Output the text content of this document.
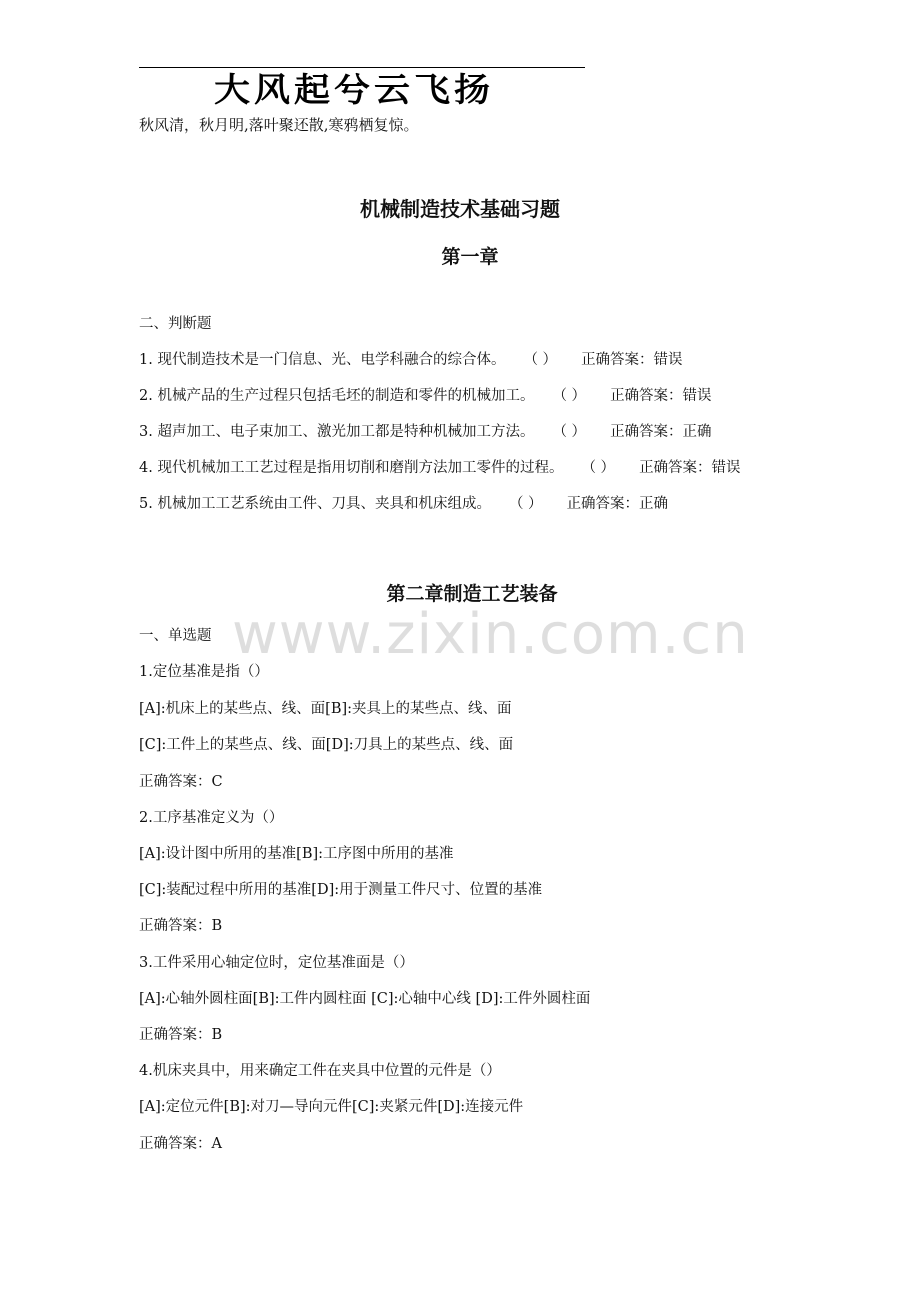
大风起兮云飞扬
秋风清，秋月明,落叶聚还散,寒鸦栖复惊。
机械制造技术基础习题
第一章
二、判断题
1. 现代制造技术是一门信息、光、电学科融合的综合体。 （ ） 正确答案：错误
2. 机械产品的生产过程只包括毛坯的制造和零件的机械加工。 （ ） 正确答案：错误
3. 超声加工、电子束加工、激光加工都是特种机械加工方法。 （ ） 正确答案：正确
4. 现代机械加工工艺过程是指用切削和磨削方法加工零件的过程。 （ ） 正确答案：错误
5. 机械加工工艺系统由工件、刀具、夹具和机床组成。 （ ） 正确答案：正确
第二章制造工艺装备
www.zixin.com.cn
一、单选题
1.定位基准是指（）
[A]:机床上的某些点、线、面[B]:夹具上的某些点、线、面
[C]:工件上的某些点、线、面[D]:刀具上的某些点、线、面
正确答案：C
2.工序基准定义为（）
[A]:设计图中所用的基准[B]:工序图中所用的基准
[C]:装配过程中所用的基准[D]:用于测量工件尺寸、位置的基准
正确答案：B
3.工件采用心轴定位时，定位基准面是（）
[A]:心轴外圆柱面[B]:工件内圆柱面 [C]:心轴中心线 [D]:工件外圆柱面
正确答案：B
4.机床夹具中，用来确定工件在夹具中位置的元件是（）
[A]:定位元件[B]:对刀—导向元件[C]:夹紧元件[D]:连接元件
正确答案：A
